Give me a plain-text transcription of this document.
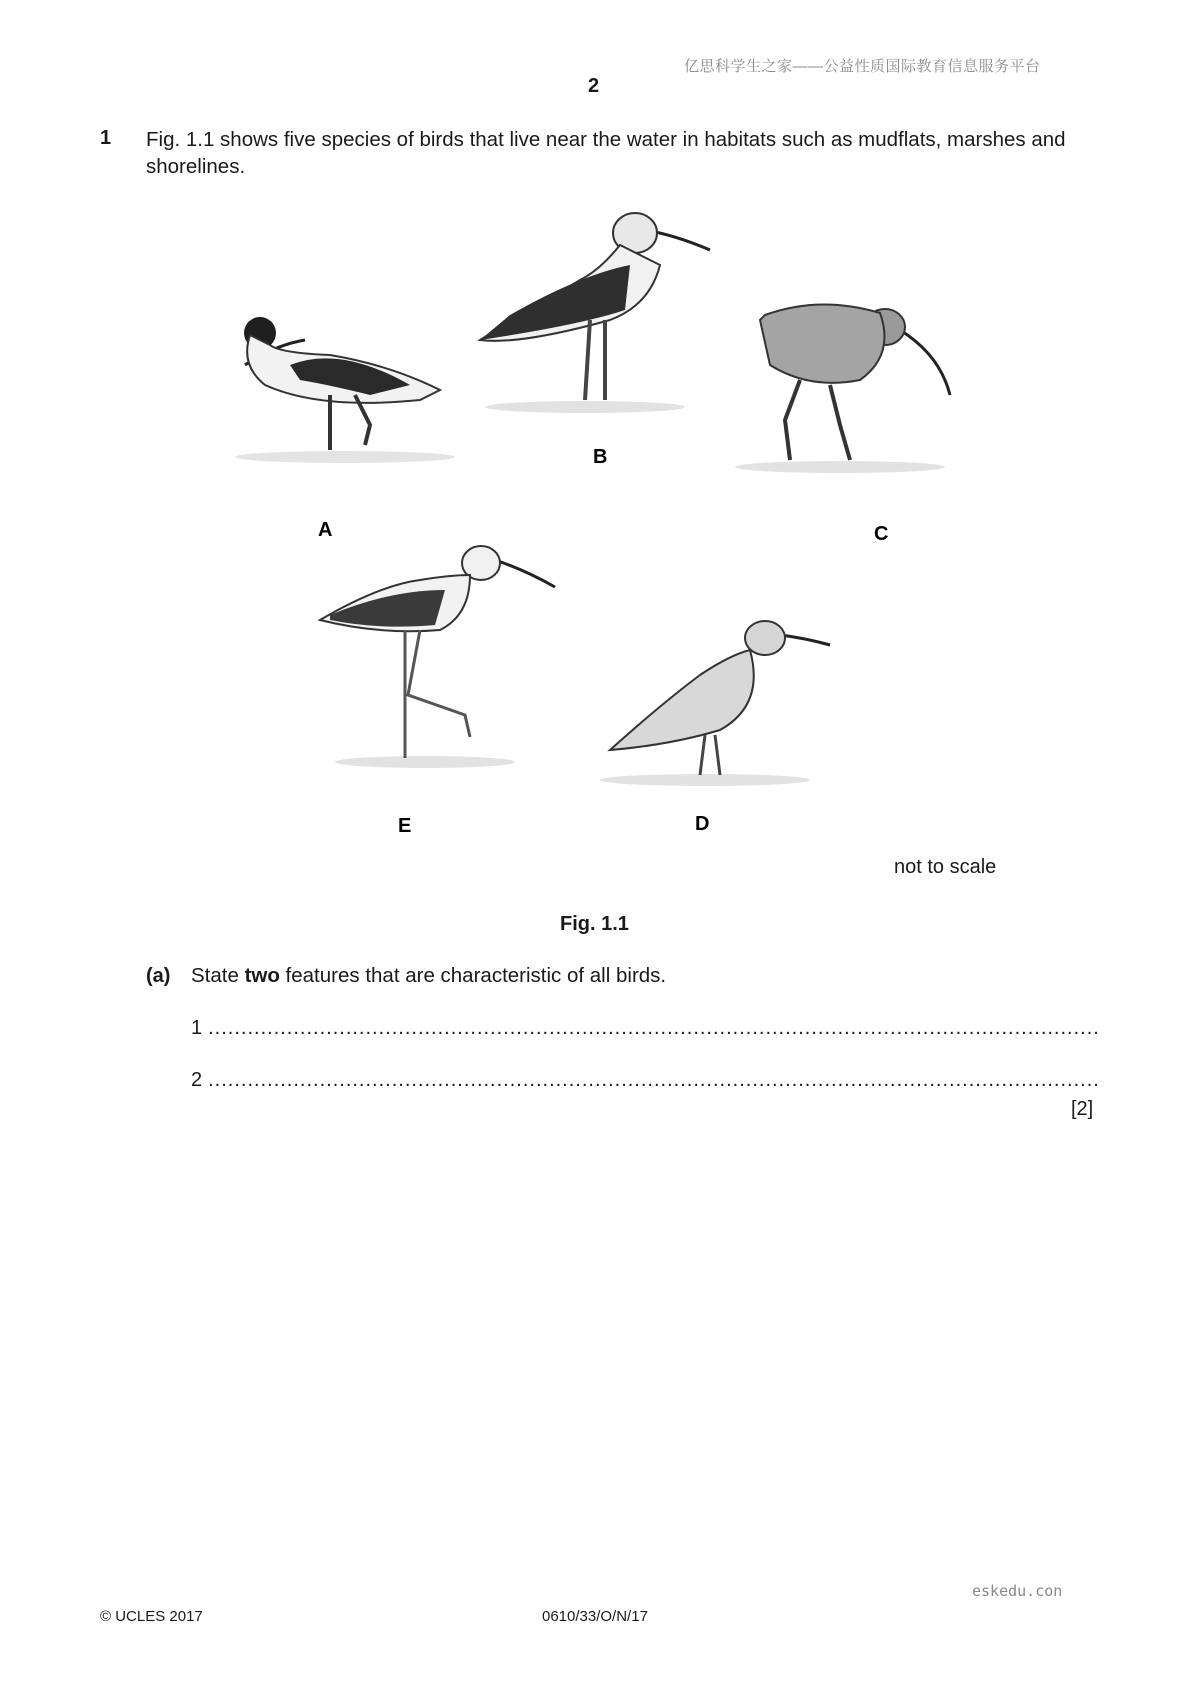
亿思科学生之家——公益性质国际教育信息服务平台
2
1 Fig. 1.1 shows five species of birds that live near the water in habitats such as mudflats, marshes and shorelines.
A
B
C
E	D
not to scale
Fig. 1.1
(a) State two features that are characteristic of all birds.
1
.....
2
.....
[2]
eskedu.con
© UCLES 2017	0610/33/O/N/17
